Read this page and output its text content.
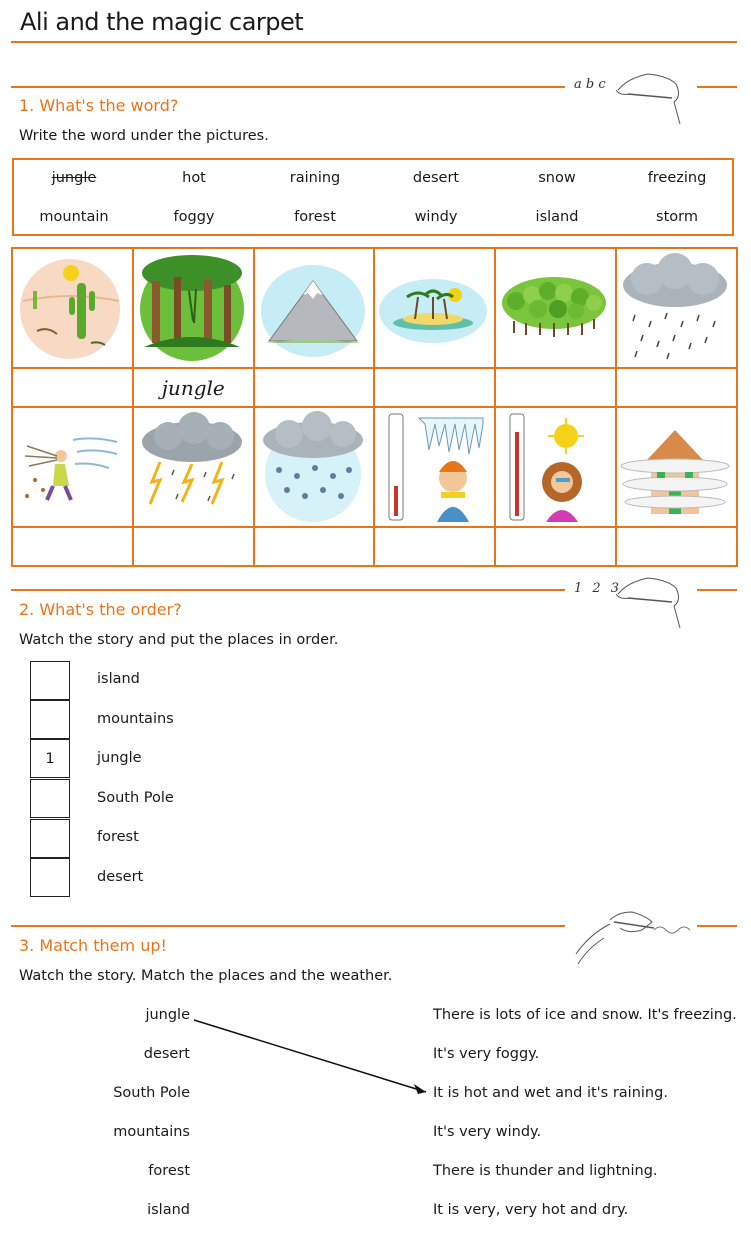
Ali and the magic carpet
a b c
1. What's the word?
Write the word under the pictures.
jungle	hot	raining	desert	snow	freezing
mountain	foggy	forest	windy	island	storm

	jungle				

1 2 3
2. What's the order?
Watch the story and put the places in order.
island
mountains
1	jungle
South Pole
forest
desert
3. Match them up!
Watch the story. Match the places and the weather.
jungle
desert
South Pole
mountains
forest
island
There is lots of ice and snow. It's freezing.
It's very foggy.
It is hot and wet and it's raining.
It's very windy.
There is thunder and lightning.
It is very, very hot and dry.
